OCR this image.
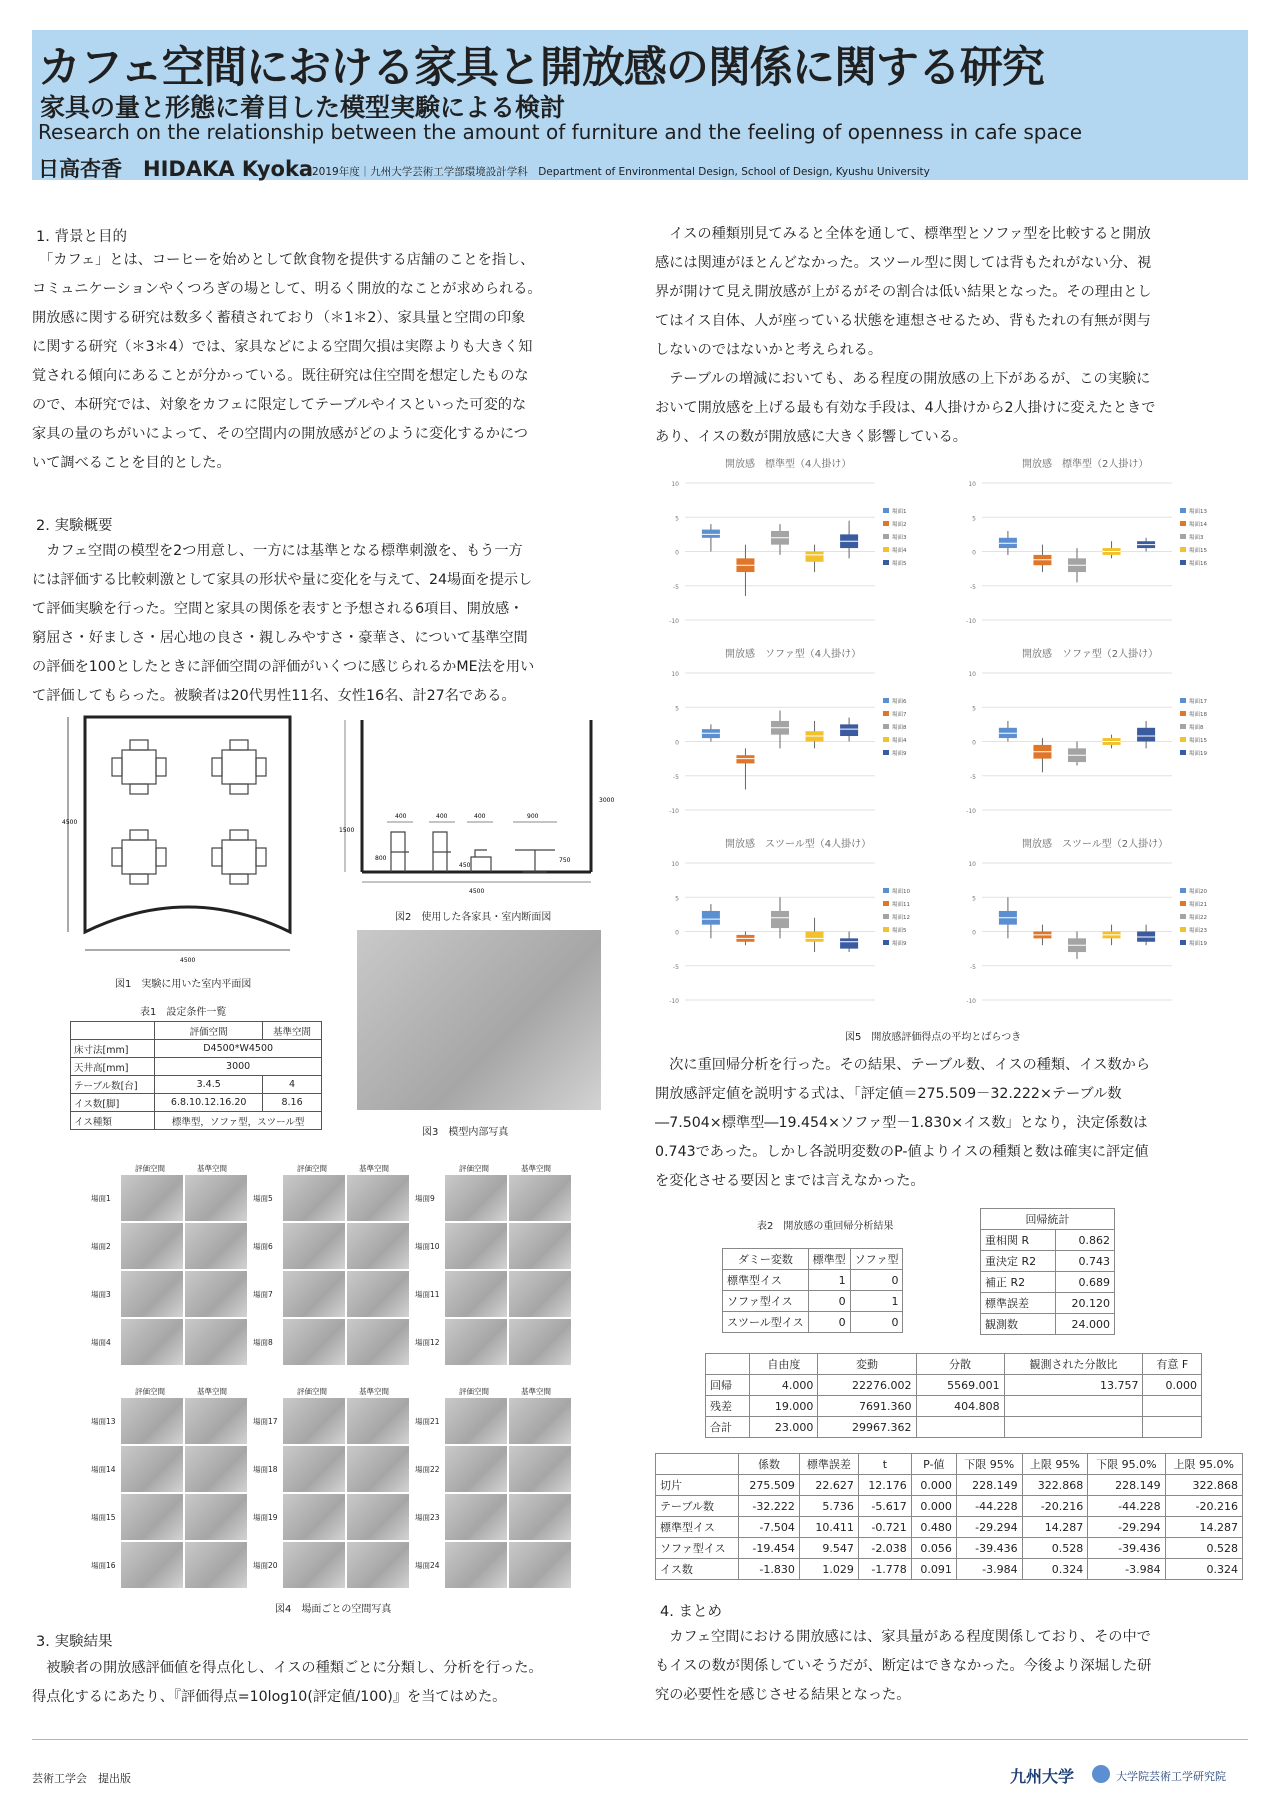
カフェ空間における家具と開放感の関係に関する研究
家具の量と形態に着目した模型実験による検討
Research on the relationship between the amount of furniture and the feeling of openness in cafe space
日高杏香　HIDAKA Kyoka
2019年度｜九州大学芸術工学部環境設計学科　Department of Environmental Design, School of Design, Kyushu University
1. 背景と目的

　「カフェ」とは、コーヒーを始めとして飲食物を提供する店舗のことを指し、

コミュニケーションやくつろぎの場として、明るく開放的なことが求められる。

開放感に関する研究は数多く蓄積されており（＊1＊2）、家具量と空間の印象

に関する研究（＊3＊4）では、家具などによる空間欠損は実際よりも大きく知

覚される傾向にあることが分かっている。既往研究は住空間を想定したものな

ので、本研究では、対象をカフェに限定してテーブルやイスといった可変的な

家具の量のちがいによって、その空間内の開放感がどのように変化するかにつ

いて調べることを目的とした。

2. 実験概要

　カフェ空間の模型を2つ用意し、一方には基準となる標準刺激を、もう一方

には評価する比較刺激として家具の形状や量に変化を与えて、24場面を提示し

て評価実験を行った。空間と家具の関係を表すと予想される6項目、開放感・

窮屈さ・好ましさ・居心地の良さ・親しみやすさ・豪華さ、について基準空間

の評価を100としたときに評価空間の評価がいくつに感じられるかME法を用い

て評価してもらった。被験者は20代男性11名、女性16名、計27名である。

4500
4500
図1　実験に用いた室内平面図
400	400	400	900
1500
3000
800	750
450
4500
図2　使用した各家具・室内断面図
図3　模型内部写真
表1　設定条件一覧
	評価空間	基準空間
床寸法[mm]	D4500*W4500	
天井高[mm]	3000	
テーブル数[台]	3.4.5	4
イス数[脚]	6.8.10.12.16.20	8.16
イス種類	標準型，ソファ型，スツール型	
評価空間	基準空間
場面1
場面2
場面3
場面4
評価空間	基準空間
場面5
場面6
場面7
場面8
評価空間	基準空間
場面9
場面10
場面11
場面12
評価空間	基準空間
場面13
場面14
場面15
場面16
評価空間	基準空間
場面17
場面18
場面19
場面20
評価空間	基準空間
場面21
場面22
場面23
場面24
図4　場面ごとの空間写真
3. 実験結果

　被験者の開放感評価値を得点化し、イスの種類ごとに分類し、分析を行った。

得点化するにあたり、『評価得点=10log10(評定値/100)』を当てはめた。

　イスの種類別見てみると全体を通して、標準型とソファ型を比較すると開放

感には関連がほとんどなかった。スツール型に関しては背もたれがない分、視

界が開けて見え開放感が上がるがその割合は低い結果となった。その理由とし

てはイス自体、人が座っている状態を連想させるため、背もたれの有無が関与

しないのではないかと考えられる。

　テーブルの増減においても、ある程度の開放感の上下があるが、この実験に

おいて開放感を上げる最も有効な手段は、4人掛けから2人掛けに変えたときで

あり、イスの数が開放感に大きく影響している。

開放感　標準型（4人掛け）
10
5
0
-5
-10
場面1
場面2
場面3
場面4
場面5
開放感　標準型（2人掛け）
10
5
0
-5
-10
場面13
場面14
場面3
場面15
場面16
開放感　ソファ型（4人掛け）
10
5
0
-5
-10
場面6
場面7
場面8
場面4
場面9
開放感　ソファ型（2人掛け）
10
5
0
-5
-10
場面17
場面18
場面8
場面15
場面19
開放感　スツール型（4人掛け）
10
5
0
-5
-10
場面10
場面11
場面12
場面5
場面9
開放感　スツール型（2人掛け）
10
5
0
-5
-10
場面20
場面21
場面22
場面23
場面19
図5　開放感評価得点の平均とばらつき

　次に重回帰分析を行った。その結果、テーブル数、イスの種類、イス数から

開放感評定値を説明する式は、「評定値＝275.509－32.222×テーブル数

―7.504×標準型―19.454×ソファ型－1.830×イス数」となり，決定係数は

0.743であった。しかし各説明変数のP-値よりイスの種類と数は確実に評定値

を変化させる要因とまでは言えなかった。

表2　開放感の重回帰分析結果
ダミー変数	標準型	ソファ型
標準型イス	1	0
ソファ型イス	0	1
スツール型イス	0	0
回帰統計	
重相関 R	0.862
重決定 R2	0.743
補正 R2	0.689
標準誤差	20.120
観測数	24.000
	自由度	変動	分散	観測された分散比	有意 F
回帰	4.000	22276.002	5569.001	13.757	0.000
残差	19.000	7691.360	404.808		
合計	23.000	29967.362			
	係数	標準誤差	t	P-値	下限 95%	上限 95%	下限 95.0%	上限 95.0%
切片	275.509	22.627	12.176	0.000	228.149	322.868	228.149	322.868
テーブル数	-32.222	5.736	-5.617	0.000	-44.228	-20.216	-44.228	-20.216
標準型イス	-7.504	10.411	-0.721	0.480	-29.294	14.287	-29.294	14.287
ソファ型イス	-19.454	9.547	-2.038	0.056	-39.436	0.528	-39.436	0.528
イス数	-1.830	1.029	-1.778	0.091	-3.984	0.324	-3.984	0.324
4. まとめ

　カフェ空間における開放感には、家具量がある程度関係しており、その中で

もイスの数が関係していそうだが、断定はできなかった。今後より深堀した研

究の必要性を感じさせる結果となった。

芸術工学会　提出版	九州大学	大学院芸術工学研究院
